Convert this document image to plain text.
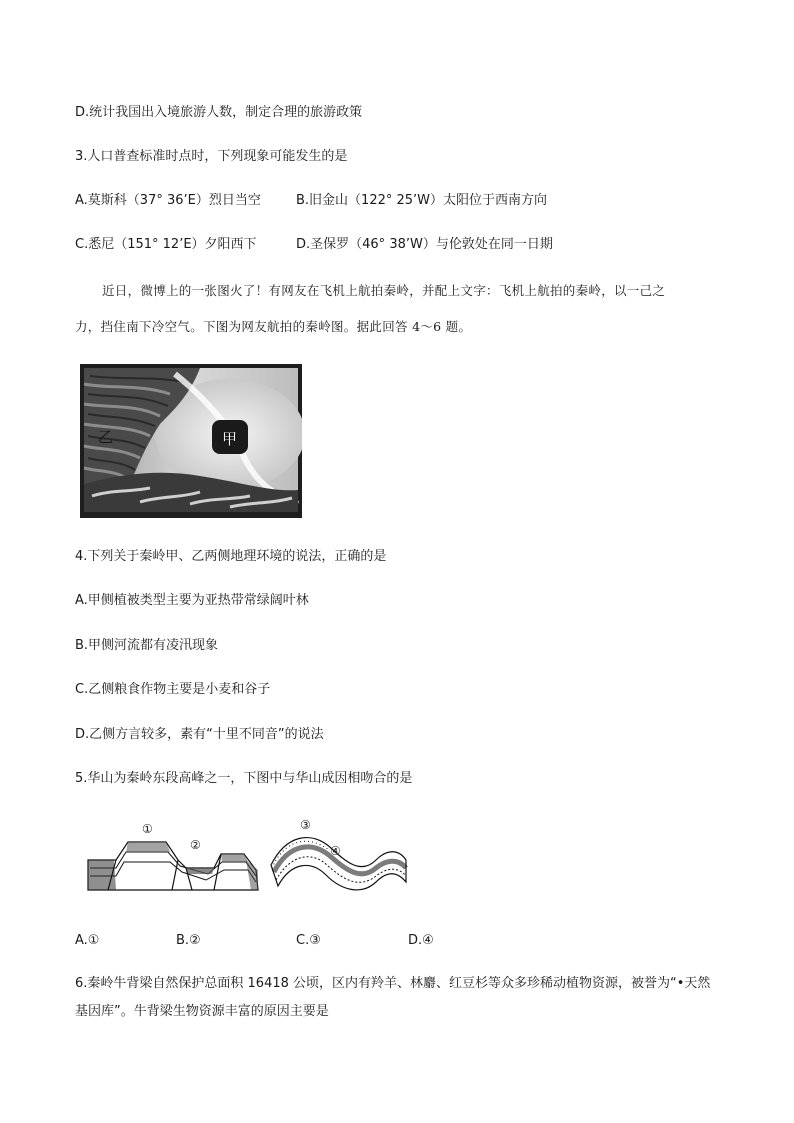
D.统计我国出入境旅游人数，制定合理的旅游政策
3.人口普查标准时点时，下列现象可能发生的是
A.莫斯科（37° 36’E）烈日当空	B.旧金山（122° 25’W）太阳位于西南方向
C.悉尼（151° 12’E）夕阳西下	D.圣保罗（46° 38’W）与伦敦处在同一日期
近日，微博上的一张图火了！有网友在飞机上航拍秦岭，并配上文字：飞机上航拍的秦岭，以一己之
力，挡住南下冷空气。下图为网友航拍的秦岭图。据此回答 4～6 题。
乙	甲
4.下列关于秦岭甲、乙两侧地理环境的说法，正确的是
A.甲侧植被类型主要为亚热带常绿阔叶林
B.甲侧河流都有凌汛现象
C.乙侧粮食作物主要是小麦和谷子
D.乙侧方言较多，素有“十里不同音”的说法
5.华山为秦岭东段高峰之一，下图中与华山成因相吻合的是
①
②
③
④
A.①	B.②	C.③	D.④
6.秦岭牛背梁自然保护总面积 16418 公顷，区内有羚羊、林麝、红豆杉等众多珍稀动植物资源，被誉为“•天然
基因库”。牛背梁生物资源丰富的原因主要是
